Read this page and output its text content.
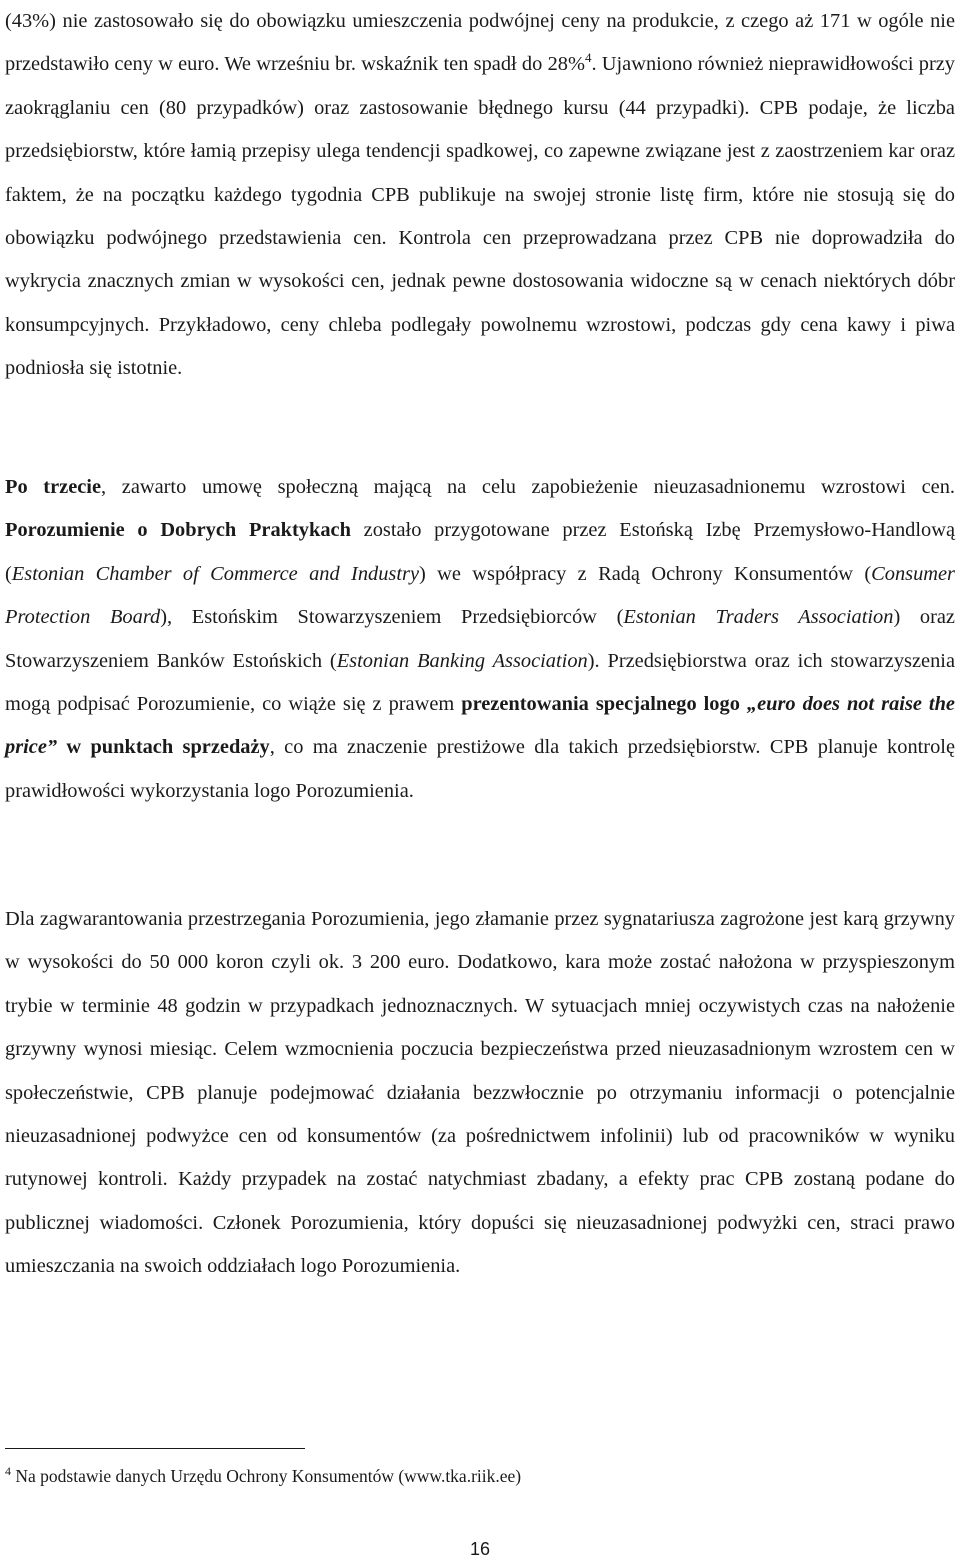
(43%) nie zastosowało się do obowiązku umieszczenia podwójnej ceny na produkcie, z czego aż 171 w ogóle nie przedstawiło ceny w euro. We wrześniu br. wskaźnik ten spadł do 28%$^4$. Ujawniono również nieprawidłowości przy zaokrąglaniu cen (80 przypadków) oraz zastosowanie błędnego kursu (44 przypadki). CPB podaje, że liczba przedsiębiorstw, które łamią przepisy ulega tendencji spadkowej, co zapewne związane jest z zaostrzeniem kar oraz faktem, że na początku każdego tygodnia CPB publikuje na swojej stronie listę firm, które nie stosują się do obowiązku podwójnego przedstawienia cen. Kontrola cen przeprowadzana przez CPB nie doprowadziła do wykrycia znacznych zmian w wysokości cen, jednak pewne dostosowania widoczne są w cenach niektórych dóbr konsumpcyjnych. Przykładowo, ceny chleba podlegały powolnemu wzrostowi, podczas gdy cena kawy i piwa podniosła się istotnie.

Po trzecie, zawarto umowę społeczną mającą na celu zapobieżenie nieuzasadnionemu wzrostowi cen. Porozumienie o Dobrych Praktykach zostało przygotowane przez Estońską Izbę Przemysłowo-Handlową (Estonian Chamber of Commerce and Industry) we współpracy z Radą Ochrony Konsumentów (Consumer Protection Board), Estońskim Stowarzyszeniem Przedsiębiorców (Estonian Traders Association) oraz Stowarzyszeniem Banków Estońskich (Estonian Banking Association). Przedsiębiorstwa oraz ich stowarzyszenia mogą podpisać Porozumienie, co wiąże się z prawem prezentowania specjalnego logo „euro does not raise the price” w punktach sprzedaży, co ma znaczenie prestiżowe dla takich przedsiębiorstw. CPB planuje kontrolę prawidłowości wykorzystania logo Porozumienia.

Dla zagwarantowania przestrzegania Porozumienia, jego złamanie przez sygnatariusza zagrożone jest karą grzywny w wysokości do 50 000 koron czyli ok. 3 200 euro. Dodatkowo, kara może zostać nałożona w przyspieszonym trybie w terminie 48 godzin w przypadkach jednoznacznych. W sytuacjach mniej oczywistych czas na nałożenie grzywny wynosi miesiąc. Celem wzmocnienia poczucia bezpieczeństwa przed nieuzasadnionym wzrostem cen w społeczeństwie, CPB planuje podejmować działania bezzwłocznie po otrzymaniu informacji o potencjalnie nieuzasadnionej podwyżce cen od konsumentów (za pośrednictwem infolinii) lub od pracowników w wyniku rutynowej kontroli. Każdy przypadek na zostać natychmiast zbadany, a efekty prac CPB zostaną podane do publicznej wiadomości. Członek Porozumienia, który dopuści się nieuzasadnionej podwyżki cen, straci prawo umieszczania na swoich oddziałach logo Porozumienia.

$^4$ Na podstawie danych Urzędu Ochrony Konsumentów (www.tka.riik.ee)
16
